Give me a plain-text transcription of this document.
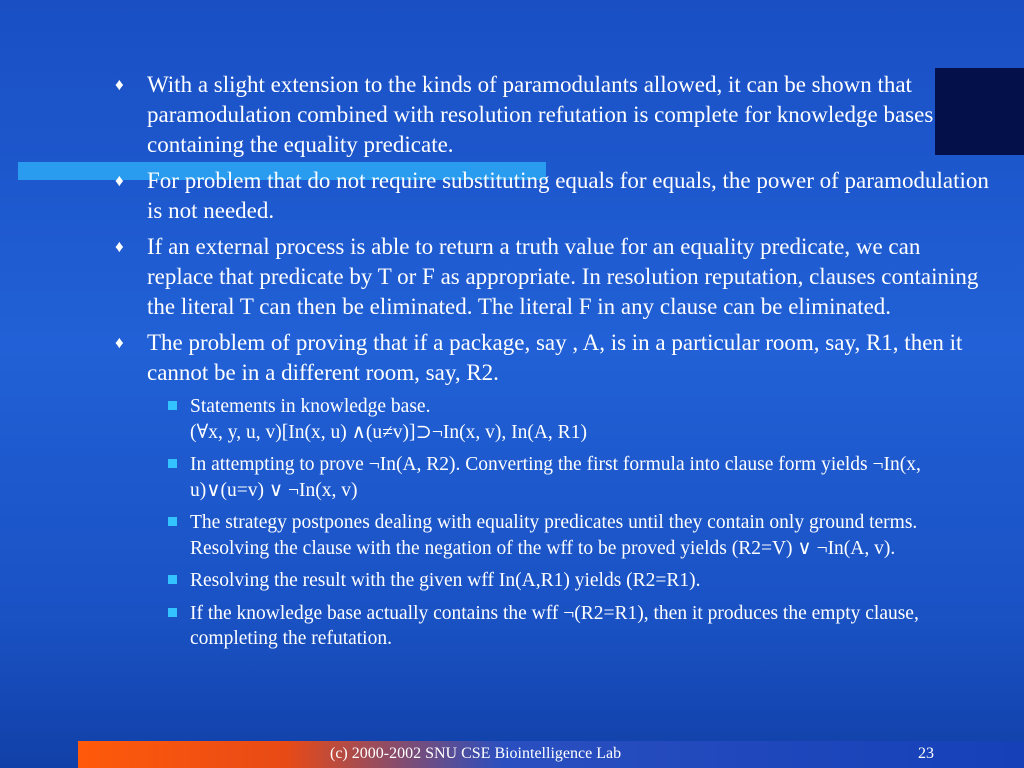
♦ With a slight extension to the kinds of paramodulants allowed, it can be shown that paramodulation combined with resolution refutation is complete for knowledge bases containing the equality predicate.
♦ For problem that do not require substituting equals for equals, the power of paramodulation is not needed.
♦ If an external process is able to return a truth value for an equality predicate, we can replace that predicate by T or F as appropriate. In resolution reputation, clauses containing the literal T can then be eliminated. The literal F in any clause can be eliminated.
♦ The problem of proving that if a package, say , A, is in a particular room, say, R1, then it cannot be in a different room, say, R2.
Statements in knowledge base.
(∀x, y, u, v)[In(x, u) ∧(u≠v)]⊃¬In(x, v), In(A, R1)
In attempting to prove ¬In(A, R2). Converting the first formula into clause form yields ¬In(x, u)∨(u=v) ∨ ¬In(x, v)
The strategy postpones dealing with equality predicates until they contain only ground terms. Resolving the clause with the negation of the wff to be proved yields (R2=V) ∨ ¬In(A, v).
Resolving the result with the given wff In(A,R1) yields (R2=R1).
If the knowledge base actually contains the wff ¬(R2=R1), then it produces the empty clause, completing the refutation.
(c) 2000-2002 SNU CSE Biointelligence Lab	23
